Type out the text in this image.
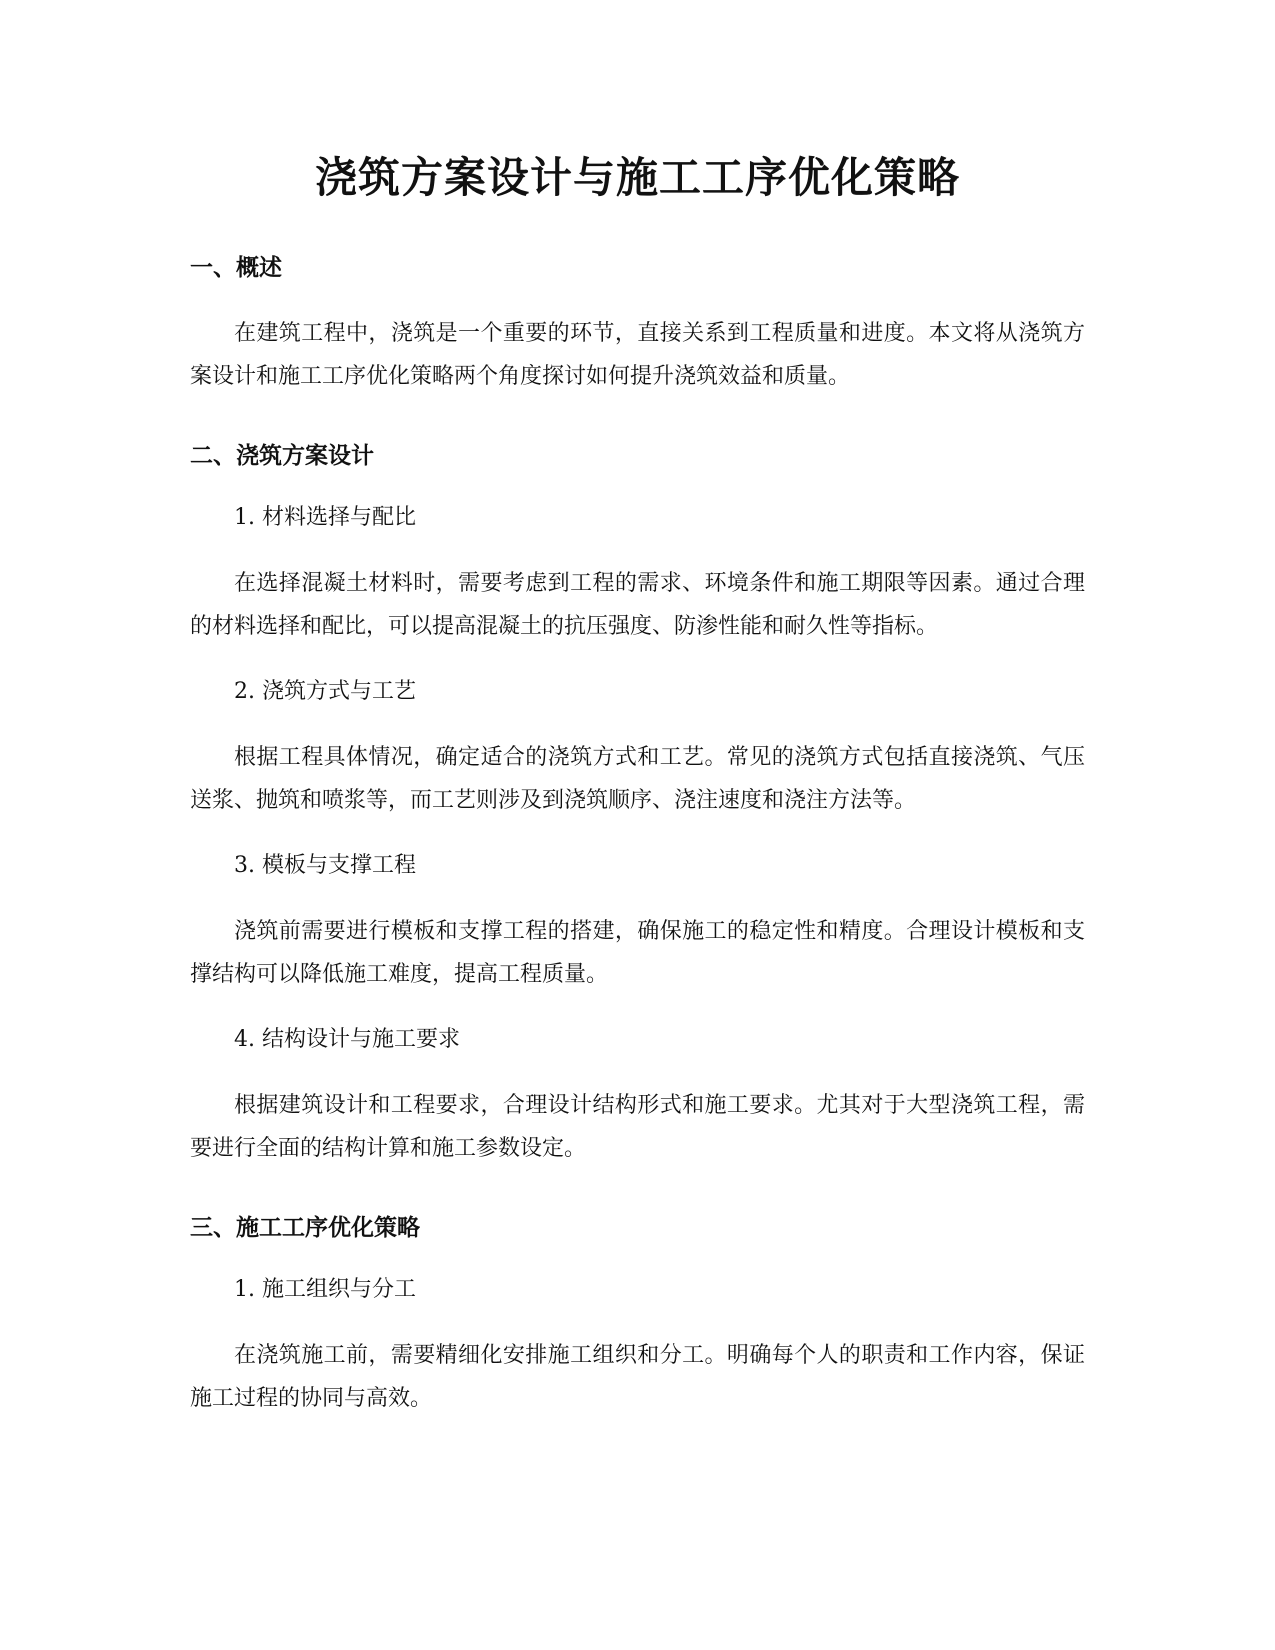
浇筑方案设计与施工工序优化策略
一、概述

在建筑工程中，浇筑是一个重要的环节，直接关系到工程质量和进度。本文将从浇筑方案设计和施工工序优化策略两个角度探讨如何提升浇筑效益和质量。

二、浇筑方案设计
1. 材料选择与配比

在选择混凝土材料时，需要考虑到工程的需求、环境条件和施工期限等因素。通过合理的材料选择和配比，可以提高混凝土的抗压强度、防渗性能和耐久性等指标。

2. 浇筑方式与工艺

根据工程具体情况，确定适合的浇筑方式和工艺。常见的浇筑方式包括直接浇筑、气压送浆、抛筑和喷浆等，而工艺则涉及到浇筑顺序、浇注速度和浇注方法等。

3. 模板与支撑工程

浇筑前需要进行模板和支撑工程的搭建，确保施工的稳定性和精度。合理设计模板和支撑结构可以降低施工难度，提高工程质量。

4. 结构设计与施工要求

根据建筑设计和工程要求，合理设计结构形式和施工要求。尤其对于大型浇筑工程，需要进行全面的结构计算和施工参数设定。

三、施工工序优化策略
1. 施工组织与分工

在浇筑施工前，需要精细化安排施工组织和分工。明确每个人的职责和工作内容，保证施工过程的协同与高效。
